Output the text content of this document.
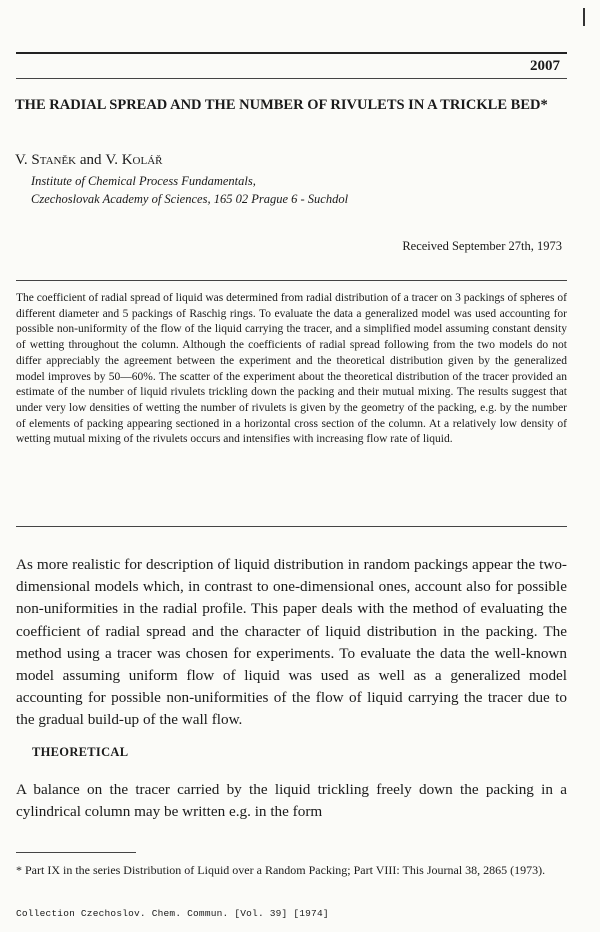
2007
THE RADIAL SPREAD AND THE NUMBER OF RIVULETS IN A TRICKLE BED*
V. Staněk and V. Kolář
Institute of Chemical Process Fundamentals,
Czechoslovak Academy of Sciences, 165 02 Prague 6 - Suchdol
Received September 27th, 1973
The coefficient of radial spread of liquid was determined from radial distribution of a tracer on 3 packings of spheres of different diameter and 5 packings of Raschig rings. To evaluate the data a generalized model was used accounting for possible non-uniformity of the flow of the liquid carrying the tracer, and a simplified model assuming constant density of wetting throughout the column. Although the coefficients of radial spread following from the two models do not differ appreciably the agreement between the experiment and the theoretical distribution given by the generalized model improves by 50—60%. The scatter of the experiment about the theoretical distribution of the tracer provided an estimate of the number of liquid rivulets trickling down the packing and their mutual mixing. The results suggest that under very low densities of wetting the number of rivulets is given by the geometry of the packing, e.g. by the number of elements of packing appearing sectioned in a horizontal cross section of the column. At a relatively low density of wetting mutual mixing of the rivulets occurs and intensifies with increasing flow rate of liquid.
As more realistic for description of liquid distribution in random packings appear the two-dimensional models which, in contrast to one-dimensional ones, account also for possible non-uniformities in the radial profile. This paper deals with the method of evaluating the coefficient of radial spread and the character of liquid distribution in the packing. The method using a tracer was chosen for experiments. To evaluate the data the well-known model assuming uniform flow of liquid was used as well as a generalized model accounting for possible non-uniformities of the flow of liquid carrying the tracer due to the gradual build-up of the wall flow.
THEORETICAL
A balance on the tracer carried by the liquid trickling freely down the packing in a cylindrical column may be written e.g. in the form
* Part IX in the series Distribution of Liquid over a Random Packing; Part VIII: This Journal 38, 2865 (1973).
Collection Czechoslov. Chem. Commun. [Vol. 39] [1974]
